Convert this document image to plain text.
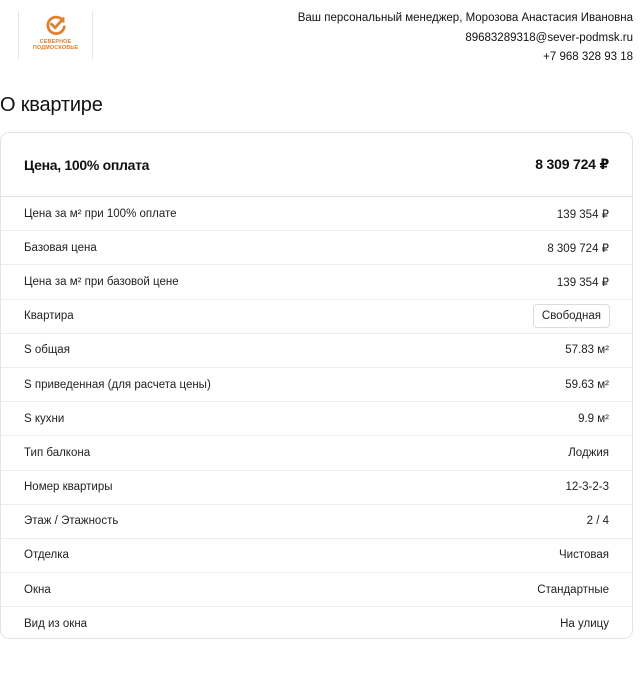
СЕВЕРНОЕ
ПОДМОСКОВЬЕ
Ваш персональный менеджер, Морозова Анастасия Ивановна
89683289318@sever-podmsk.ru
+7 968 328 93 18
О квартире
Цена, 100% оплата	8 309 724 ₽
Цена за м² при 100% оплате	139 354 ₽
Базовая цена	8 309 724 ₽
Цена за м² при базовой цене	139 354 ₽
Квартира	Свободная
S общая	57.83 м²
S приведенная (для расчета цены)	59.63 м²
S кухни	9.9 м²
Тип балкона	Лоджия
Номер квартиры	12-3-2-3
Этаж / Этажность	2 / 4
Отделка	Чистовая
Окна	Стандартные
Вид из окна	На улицу
